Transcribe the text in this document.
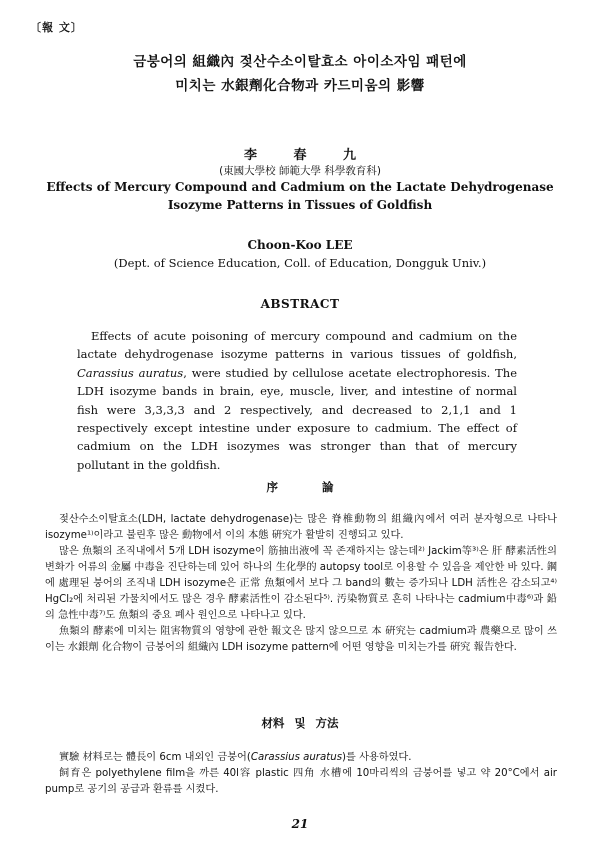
〔報 文〕
금붕어의 組織內 젖산수소이탈효소 아이소자임 패턴에
미치는 水銀劑化合物과 카드미움의 影響
李 春 九
(東國大學校 師範大學 科學敎育科)
Effects of Mercury Compound and Cadmium on the Lactate Dehydrogenase
Isozyme Patterns in Tissues of Goldfish
Choon-Koo LEE
(Dept. of Science Education, Coll. of Education, Dongguk Univ.)
ABSTRACT
Effects of acute poisoning of mercury compound and cadmium on the lactate dehydrogenase isozyme patterns in various tissues of goldfish, Carassius auratus, were studied by cellulose acetate electrophoresis. The LDH isozyme bands in brain, eye, muscle, liver, and intestine of normal fish were 3,3,3,3 and 2 respectively, and decreased to 2,1,1 and 1 respectively except intestine under exposure to cadmium. The effect of cadmium on the LDH isozymes was stronger than that of mercury pollutant in the goldfish.
序 論

젖산수소이탈효소(LDH, lactate dehydrogenase)는 많은 脊椎動物의 組織內에서 여러 분자형으로 나타나 isozyme¹⁾이라고 불린후 많은 動物에서 이의 本態 硏究가 활발히 진행되고 있다.

많은 魚類의 조직내에서 5개 LDH isozyme이 筋抽出液에 꼭 존재하지는 않는데²⁾ Jackim等³⁾은 肝 酵素活性의 변화가 어류의 金屬 中毒을 진단하는데 있어 하나의 生化學的 autopsy tool로 이용할 수 있음을 제안한 바 있다. 鋼에 處理된 붕어의 조직내 LDH isozyme은 正常 魚類에서 보다 그 band의 數는 증가되나 LDH 活性은 감소되고⁴⁾ HgCl₂에 처리된 가물치에서도 많은 경우 酵素活性이 감소된다⁵⁾. 汚染物質로 흔히 나타나는 cadmium中毒⁶⁾과 鉛의 急性中毒⁷⁾도 魚類의 중요 폐사 원인으로 나타나고 있다.

魚類의 酵素에 미치는 阻害物質의 영향에 관한 報文은 많지 않으므로 本 硏究는 cadmium과 農藥으로 많이 쓰이는 水銀劑 化合物이 금붕어의 組織內 LDH isozyme pattern에 어떤 영향을 미치는가를 硏究 報告한다.

材料 및 方法

實驗 材料로는 體長이 6cm 내외인 금붕어(Carassius auratus)를 사용하였다.

飼育은 polyethylene film을 까른 40l容 plastic 四角 水槽에 10마리씩의 금붕어를 넣고 약 20°C에서 air pump로 공기의 공급과 환류를 시켰다.

21
